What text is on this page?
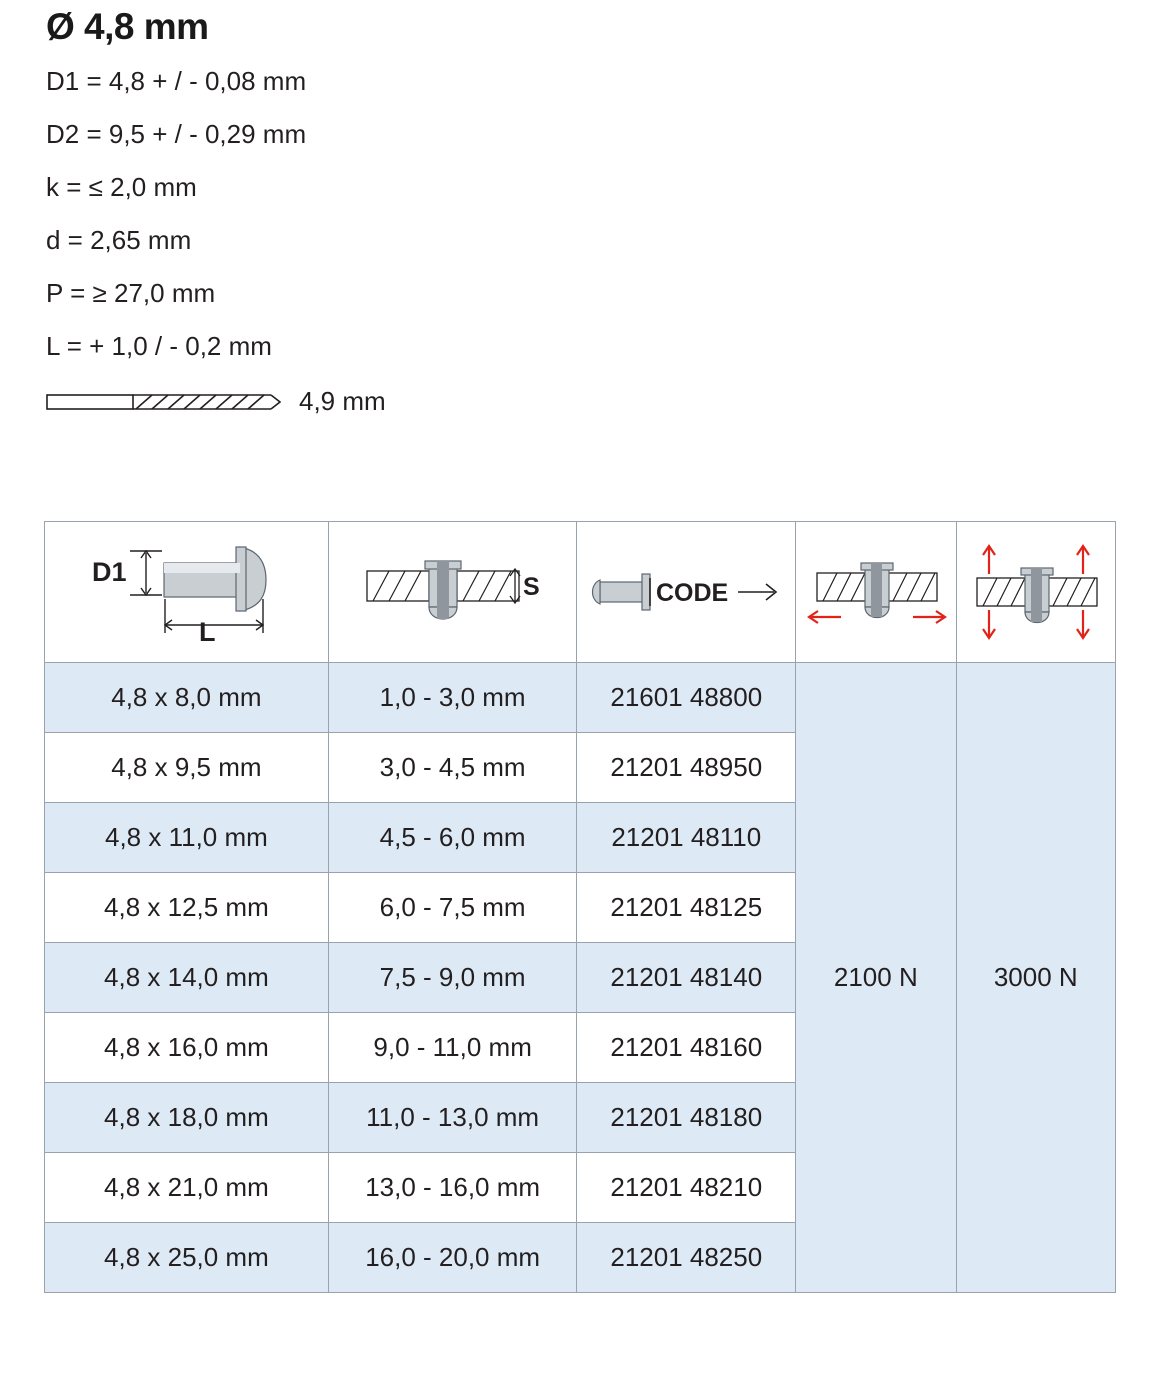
Ø 4,8 mm
D1 = 4,8 + / - 0,08 mm
D2 = 9,5 + / - 0,29 mm
k = ≤ 2,0 mm
d = 2,65 mm
P = ≥ 27,0 mm
L = + 1,0 / - 0,2 mm
4,9 mm
D1
L	S	CODE

4,8 x 8,0 mm	1,0 - 3,0 mm	21601 48800	2100 N	3000 N
4,8 x 9,5 mm	3,0 - 4,5 mm	21201 48950		
4,8 x 11,0 mm	4,5 - 6,0 mm	21201 48110		
4,8 x 12,5 mm	6,0 - 7,5 mm	21201 48125		
4,8 x 14,0 mm	7,5 - 9,0 mm	21201 48140		
4,8 x 16,0 mm	9,0 - 11,0 mm	21201 48160		
4,8 x 18,0 mm	11,0 - 13,0 mm	21201 48180		
4,8 x 21,0 mm	13,0 - 16,0 mm	21201 48210		
4,8 x 25,0 mm	16,0 - 20,0 mm	21201 48250		
